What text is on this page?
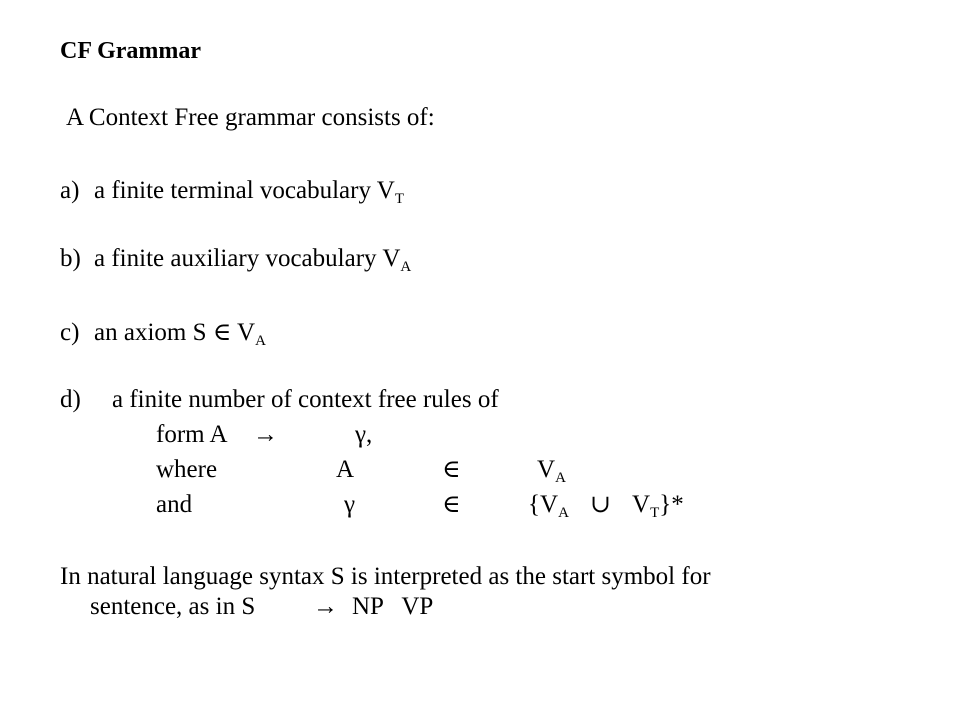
CF Grammar
A Context Free grammar consists of:
a) a finite terminal vocabulary $V_T$
b) a finite auxiliary vocabulary $V_A$
c) an axiom S ∈ $V_A$
d) a finite number of context free rules of
form A →	γ,
where	A	∈	$V_A$
and	γ	∈	{$V_A$ ∪ $V_T\}*$
In natural language syntax S is interpreted as the start symbol for
sentence, as in S → NP   VP
